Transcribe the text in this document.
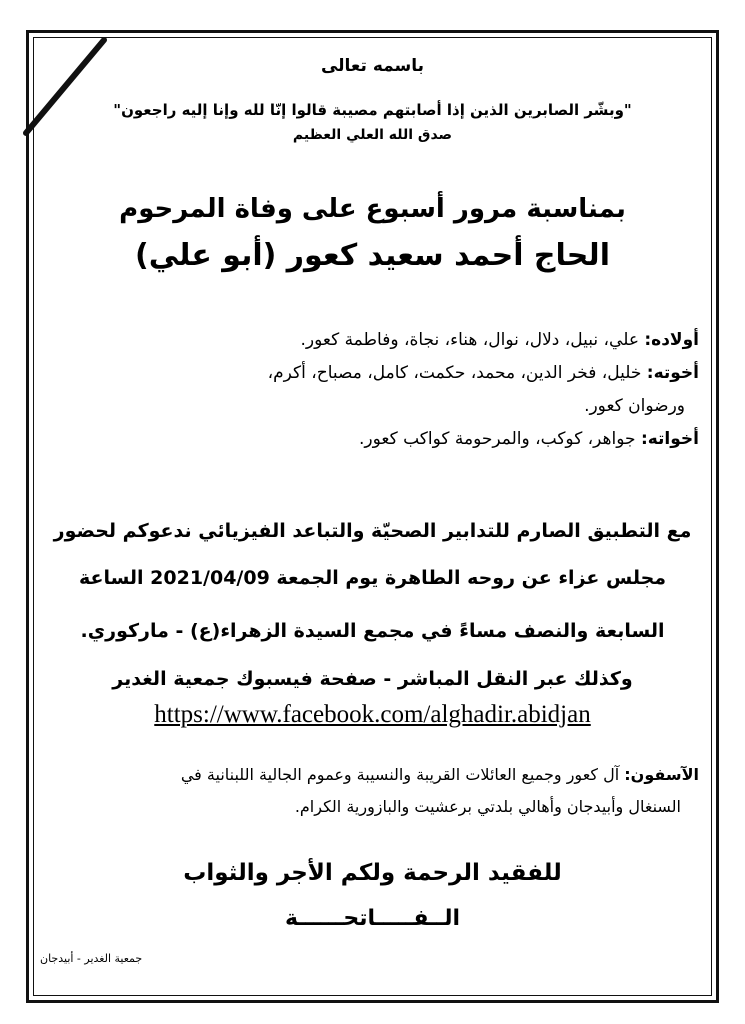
باسمه تعالى
"وبشّر الصابرين الذين إذا أصابتهم مصيبة قالوا إنّا لله وإنا إليه راجعون"
صدق الله العلي العظيم
بمناسبة مرور أسبوع على وفاة المرحوم
الحاج أحمد سعيد كعور (أبو علي)
أولاده: علي، نبيل، دلال، نوال، هناء، نجاة، وفاطمة كعور.
أخوته: خليل، فخر الدين، محمد، حكمت، كامل، مصباح، أكرم،
ورضوان كعور.
أخواته: جواهر، كوكب، والمرحومة كواكب كعور.
مع التطبيق الصارم للتدابير الصحيّة والتباعد الفيزيائي ندعوكم لحضور
مجلس عزاء عن روحه الطاهرة يوم الجمعة 2021/04/09 الساعة
السابعة والنصف مساءً في مجمع السيدة الزهراء(ع) - ماركوري.
وكذلك عبر النقل المباشر - صفحة فيسبوك جمعية الغدير
https://www.facebook.com/alghadir.abidjan
الآسفون: آل كعور وجميع العائلات القريبة والنسيبة وعموم الجالية اللبنانية في
السنغال وأبيدجان وأهالي بلدتي برعشيت والبازورية الكرام.
للفقيد الرحمة ولكم الأجر والثواب
الــفـــــاتحــــــة
جمعية الغدير - أبيدجان
